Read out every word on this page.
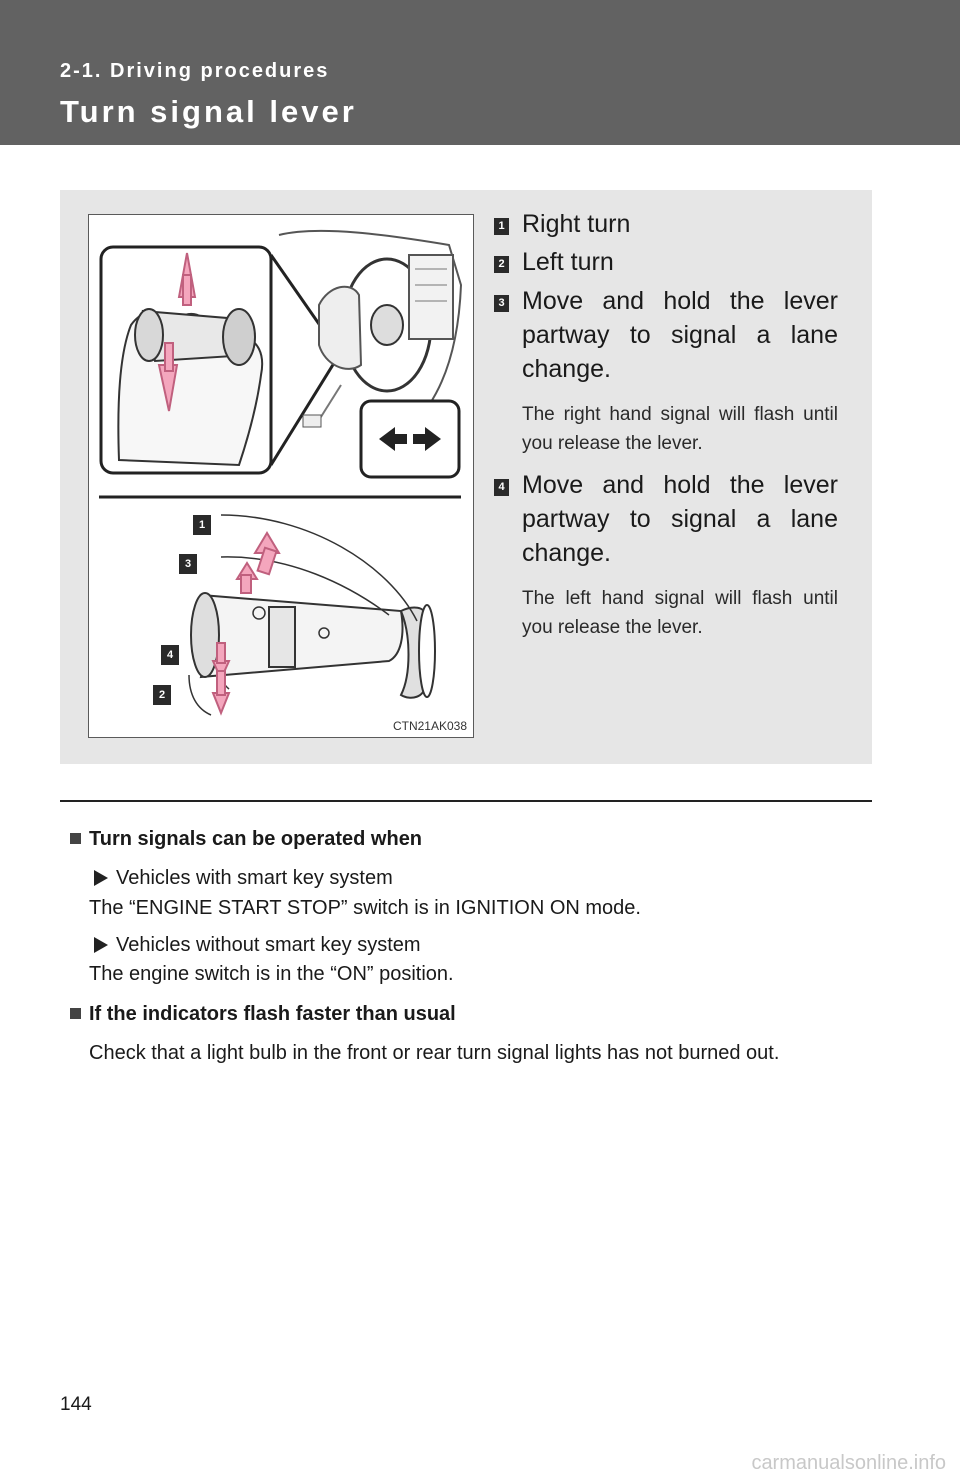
2-1. Driving procedures
Turn signal lever
1
3
4
2
CTN21AK038
1 Right turn
2 Left turn
3 Move and hold the lever partway to signal a lane change.
The right hand signal will flash until you release the lever.
4 Move and hold the lever partway to signal a lane change.
The left hand signal will flash until you release the lever.
Turn signals can be operated when
Vehicles with smart key system
The “ENGINE START STOP” switch is in IGNITION ON mode.
Vehicles without smart key system
The engine switch is in the “ON” position.
If the indicators flash faster than usual
Check that a light bulb in the front or rear turn signal lights has not burned out.
144
carmanualsonline.info
